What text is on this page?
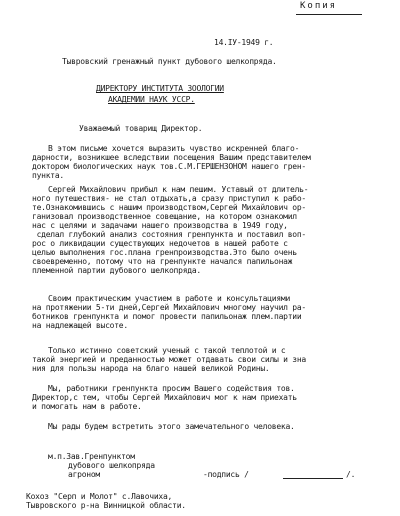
Копия
14.IУ-1949 г.
Тывровский гренажный пункт дубового шелкопряда.
ДИРЕКТОРУ ИНСТИТУТА ЗООЛОГИИ
АКАДЕМИИ НАУК УССР.
Уважаемый товарищ Директор.
В этом письме хочется выразить чувство искренней благо-
дарности, возникшее вследствии посещения Вашим представителем
доктором биологических наук тов.С.М.ГЕРШЕНЗОНОМ нашего грен-
пункта.
Сергей Михайлович прибыл к нам пешим. Уставый от длитель-
ного путешествия- не стал отдыхать,а сразу приступил к рабо-
те.Ознакомившись с нашим производством,Сергей Михайлович ор-
ганизовал производственное совещание, на котором ознакомил
нас с целями и задачами нашего производства в 1949 году,
сделал глубокий анализ состояния гренпункта и поставил воп-
рос о ликвидации существующих недочетов в нашей работе с
целью выполнения гос.плана гренпроизводства.Это было очень
своевременно, потому что на гренпункте начался папильонаж
племенной партии дубового шелкопряда.
Своим практическим участием в работе и консультациями
на протяжении 5-ти дней,Сергей Михайлович многому научил ра-
ботников гренпункта и помог провести папильонаж плем.партии
на надлежащей высоте.
Только истинно советский ученый с такой теплотой и с
такой энергией и преданностью может отдавать свои силы и зна
ния для пользы народа на благо нашей великой Родины.
Мы, работники гренпункта просим Вашего содействия тов.
Директор,с тем, чтобы Сергей Михайлович мог к нам приехать
и помогать нам в работе.
Мы рады будем встретить этого замечательного человека.
м.п.Зав.Гренпунктом
дубового шелкопряда
агроном	-подпись /	/.
Кохоз "Серп и Молот" с.Лавочиха,
Тывровского р-на Винницкой области.
